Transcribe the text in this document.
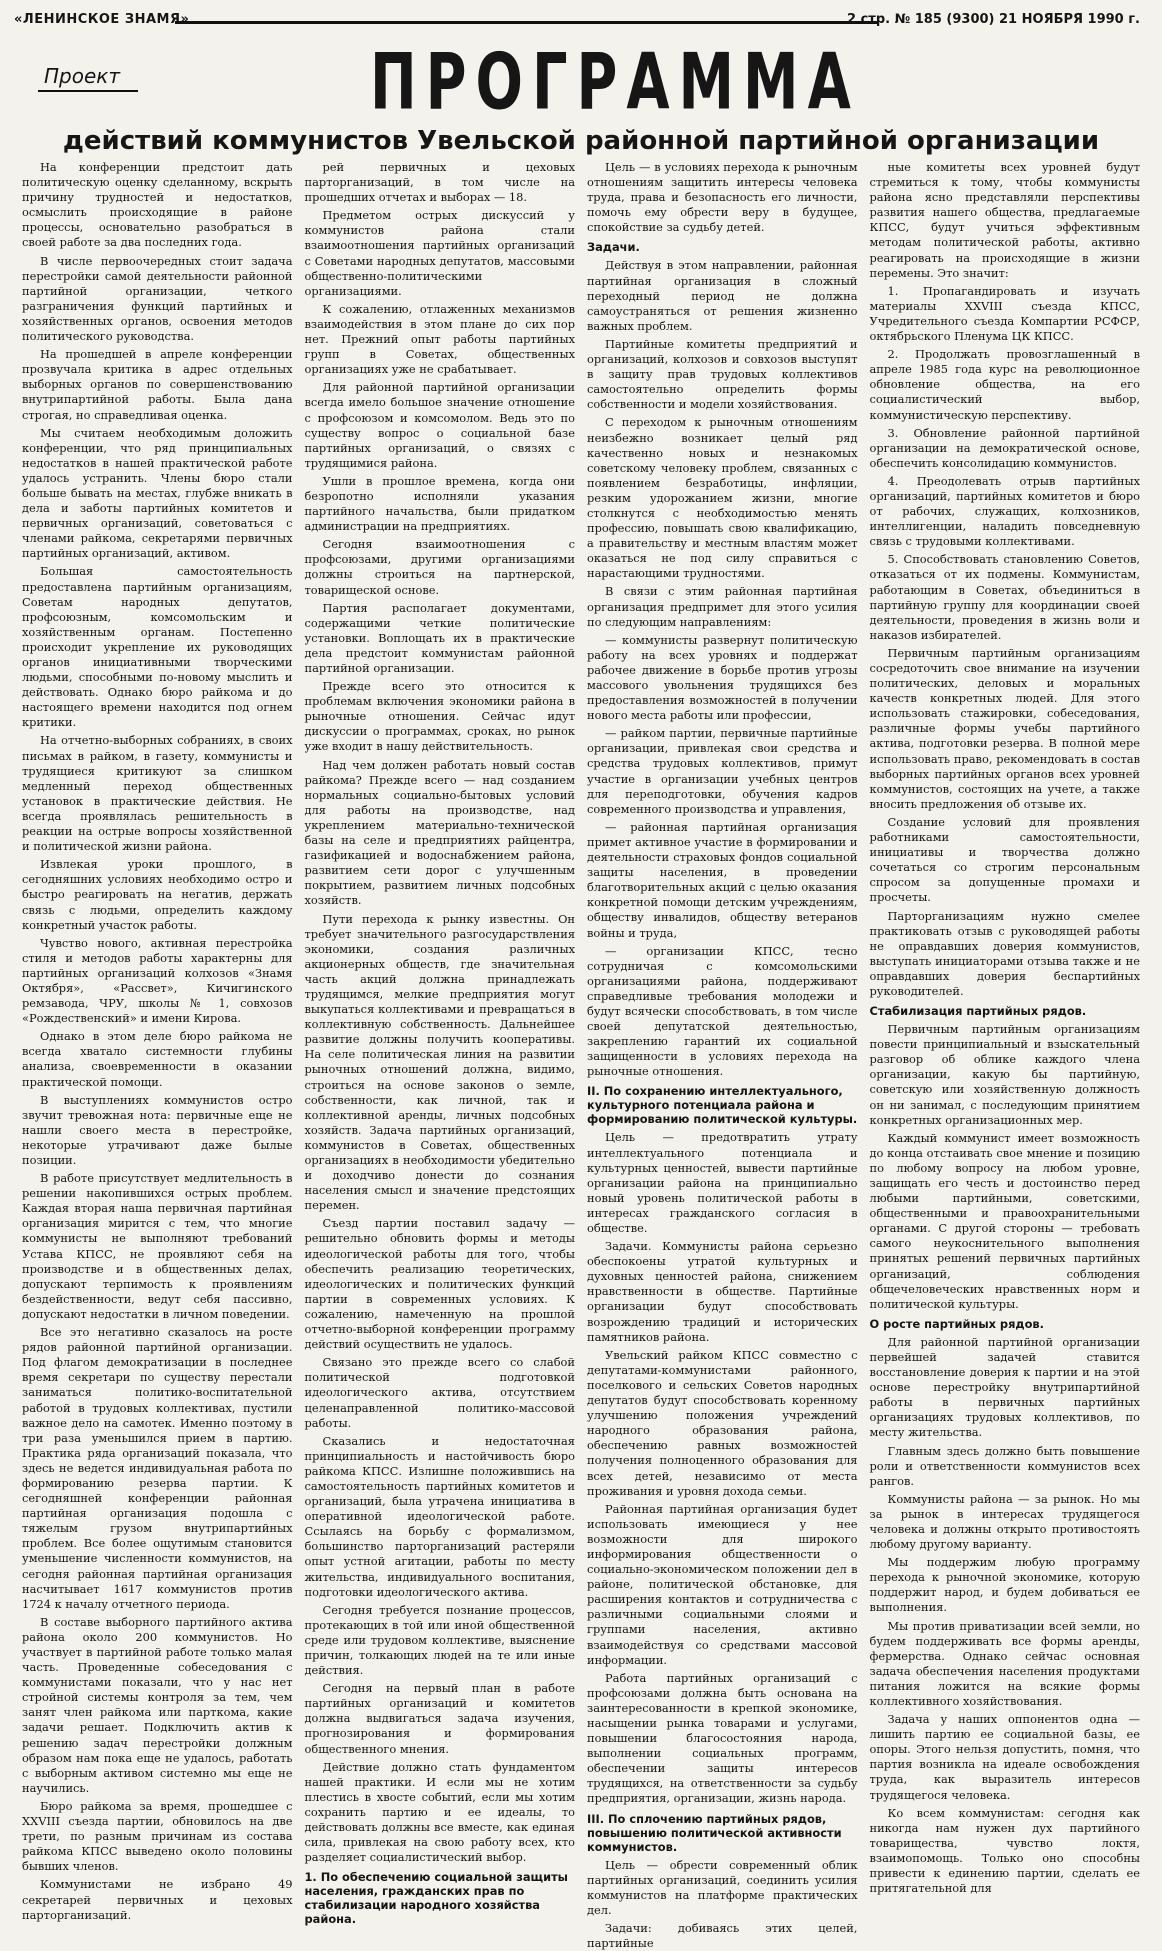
«ЛЕНИНСКОЕ ЗНАМЯ»	2 стр. № 185 (9300) 21 НОЯБРЯ 1990 г.
Проект	ПРОГРАММА
действий коммунистов Увельской районной партийной организации

На конференции предстоит дать политическую оценку сделанному, вскрыть причину трудностей и недостатков, осмыслить происходящие в районе процессы, основательно разобраться в своей работе за два последних года.

В числе первоочередных стоит задача перестройки самой деятельности районной партийной организации, четкого разграничения функций партийных и хозяйственных органов, освоения методов политического руководства.

На прошедшей в апреле конференции прозвучала критика в адрес отдельных выборных органов по совершенствованию внутрипартийной работы. Была дана строгая, но справедливая оценка.

Мы считаем необходимым доложить конференции, что ряд принципиальных недостатков в нашей практической работе удалось устранить. Члены бюро стали больше бывать на местах, глубже вникать в дела и заботы партийных комитетов и первичных организаций, советоваться с членами райкома, секретарями первичных партийных организаций, активом.

Большая самостоятельность предоставлена партийным организациям, Советам народных депутатов, профсоюзным, комсомольским и хозяйственным органам. Постепенно происходит укрепление их руководящих органов инициативными творческими людьми, способными по-новому мыслить и действовать. Однако бюро райкома и до настоящего времени находится под огнем критики.

На отчетно-выборных собраниях, в своих письмах в райком, в газету, коммунисты и трудящиеся критикуют за слишком медленный переход общественных установок в практические действия. Не всегда проявлялась решительность в реакции на острые вопросы хозяйственной и политической жизни района.

Извлекая уроки прошлого, в сегодняшних условиях необходимо остро и быстро реагировать на негатив, держать связь с людьми, определить каждому конкретный участок работы.

Чувство нового, активная перестройка стиля и методов работы характерны для партийных организаций колхозов «Знамя Октября», «Рассвет», Кичигинского ремзавода, ЧРУ, школы № 1, совхозов «Рождественский» и имени Кирова.

Однако в этом деле бюро райкома не всегда хватало системности глубины анализа, своевременности в оказании практической помощи.

В выступлениях коммунистов остро звучит тревожная нота: первичные еще не нашли своего места в перестройке, некоторые утрачивают даже былые позиции.

В работе присутствует медлительность в решении накопившихся острых проблем. Каждая вторая наша первичная партийная организация мирится с тем, что многие коммунисты не выполняют требований Устава КПСС, не проявляют себя на производстве и в общественных делах, допускают терпимость к проявлениям бездейственности, ведут себя пассивно, допускают недостатки в личном поведении.

Все это негативно сказалось на росте рядов районной партийной организации. Под флагом демократизации в последнее время секретари по существу перестали заниматься политико-воспитательной работой в трудовых коллективах, пустили важное дело на самотек. Именно поэтому в три раза уменьшился прием в партию. Практика ряда организаций показала, что здесь не ведется индивидуальная работа по формированию резерва партии. К сегодняшней конференции районная партийная организация подошла с тяжелым грузом внутрипартийных проблем. Все более ощутимым становится уменьшение численности коммунистов, на сегодня районная партийная организация насчитывает 1617 коммунистов против 1724 к началу отчетного периода.

В составе выборного партийного актива района около 200 коммунистов. Но участвует в партийной работе только малая часть. Проведенные собеседования с коммунистами показали, что у нас нет стройной системы контроля за тем, чем занят член райкома или парткома, какие задачи решает. Подключить актив к решению задач перестройки должным образом нам пока еще не удалось, работать с выборным активом системно мы еще не научились.

Бюро райкома за время, прошедшее с XXVIII съезда партии, обновилось на две трети, по разным причинам из состава райкома КПСС выведено около половины бывших членов.

Коммунистами не избрано 49 секретарей первичных и цеховых парторганизаций.

рей первичных и цеховых парторганизаций, в том числе на прошедших отчетах и выборах — 18.

Предметом острых дискуссий у коммунистов района стали взаимоотношения партийных организаций с Советами народных депутатов, массовыми общественно-политическими организациями.

К сожалению, отлаженных механизмов взаимодействия в этом плане до сих пор нет. Прежний опыт работы партийных групп в Советах, общественных организациях уже не срабатывает.

Для районной партийной организации всегда имело большое значение отношение с профсоюзом и комсомолом. Ведь это по существу вопрос о социальной базе партийных организаций, о связях с трудящимися района.

Ушли в прошлое времена, когда они безропотно исполняли указания партийного начальства, были придатком администрации на предприятиях.

Сегодня взаимоотношения с профсоюзами, другими организациями должны строиться на партнерской, товарищеской основе.

Партия располагает документами, содержащими четкие политические установки. Воплощать их в практические дела предстоит коммунистам районной партийной организации.

Прежде всего это относится к проблемам включения экономики района в рыночные отношения. Сейчас идут дискуссии о программах, сроках, но рынок уже входит в нашу действительность.

Над чем должен работать новый состав райкома? Прежде всего — над созданием нормальных социально-бытовых условий для работы на производстве, над укреплением материально-технической базы на селе и предприятиях райцентра, газификацией и водоснабжением района, развитием сети дорог с улучшенным покрытием, развитием личных подсобных хозяйств.

Пути перехода к рынку известны. Он требует значительного разгосударствления экономики, создания различных акционерных обществ, где значительная часть акций должна принадлежать трудящимся, мелкие предприятия могут выкупаться коллективами и превращаться в коллективную собственность. Дальнейшее развитие должны получить кооперативы. На селе политическая линия на развитии рыночных отношений должна, видимо, строиться на основе законов о земле, собственности, как личной, так и коллективной аренды, личных подсобных хозяйств. Задача партийных организаций, коммунистов в Советах, общественных организациях в необходимости убедительно и доходчиво донести до сознания населения смысл и значение предстоящих перемен.

Съезд партии поставил задачу — решительно обновить формы и методы идеологической работы для того, чтобы обеспечить реализацию теоретических, идеологических и политических функций партии в современных условиях. К сожалению, намеченную на прошлой отчетно-выборной конференции программу действий осуществить не удалось.

Связано это прежде всего со слабой политической подготовкой идеологического актива, отсутствием целенаправленной политико-массовой работы.

Сказались и недостаточная принципиальность и настойчивость бюро райкома КПСС. Излишне положившись на самостоятельность партийных комитетов и организаций, была утрачена инициатива в оперативной идеологической работе. Ссылаясь на борьбу с формализмом, большинство парторганизаций растеряли опыт устной агитации, работы по месту жительства, индивидуального воспитания, подготовки идеологического актива.

Сегодня требуется познание процессов, протекающих в той или иной общественной среде или трудовом коллективе, выяснение причин, толкающих людей на те или иные действия.

Сегодня на первый план в работе партийных организаций и комитетов должна выдвигаться задача изучения, прогнозирования и формирования общественного мнения.

Действие должно стать фундаментом нашей практики. И если мы не хотим плестись в хвосте событий, если мы хотим сохранить партию и ее идеалы, то действовать должны все вместе, как единая сила, привлекая на свою работу всех, кто разделяет социалистический выбор.

1. По обеспечению социальной защиты населения, гражданских прав по стабилизации народного хозяйства района.

Цель — в условиях перехода к рыночным отношениям защитить интересы человека труда, права и безопасность его личности, помочь ему обрести веру в будущее, спокойствие за судьбу детей.

Задачи.

Действуя в этом направлении, районная партийная организация в сложный переходный период не должна самоустраняться от решения жизненно важных проблем.

Партийные комитеты предприятий и организаций, колхозов и совхозов выступят в защиту прав трудовых коллективов самостоятельно определить формы собственности и модели хозяйствования.

С переходом к рыночным отношениям неизбежно возникает целый ряд качественно новых и незнакомых советскому человеку проблем, связанных с появлением безработицы, инфляции, резким удорожанием жизни, многие столкнутся с необходимостью менять профессию, повышать свою квалификацию, а правительству и местным властям может оказаться не под силу справиться с нарастающими трудностями.

В связи с этим районная партийная организация предпримет для этого усилия по следующим направлениям:

— коммунисты развернут политическую работу на всех уровнях и поддержат рабочее движение в борьбе против угрозы массового увольнения трудящихся без предоставления возможностей в получении нового места работы или профессии,

— райком партии, первичные партийные организации, привлекая свои средства и средства трудовых коллективов, примут участие в организации учебных центров для переподготовки, обучения кадров современного производства и управления,

— районная партийная организация примет активное участие в формировании и деятельности страховых фондов социальной защиты населения, в проведении благотворительных акций с целью оказания конкретной помощи детским учреждениям, обществу инвалидов, обществу ветеранов войны и труда,

— организации КПСС, тесно сотрудничая с комсомольскими организациями района, поддерживают справедливые требования молодежи и будут всячески способствовать, в том числе своей депутатской деятельностью, закреплению гарантий их социальной защищенности в условиях перехода на рыночные отношения.

II. По сохранению интеллектуального, культурного потенциала района и формированию политической культуры.

Цель — предотвратить утрату интеллектуального потенциала и культурных ценностей, вывести партийные организации района на принципиально новый уровень политической работы в интересах гражданского согласия в обществе.

Задачи. Коммунисты района серьезно обеспокоены утратой культурных и духовных ценностей района, снижением нравственности в обществе. Партийные организации будут способствовать возрождению традиций и исторических памятников района.

Увельский райком КПСС совместно с депутатами-коммунистами районного, поселкового и сельских Советов народных депутатов будут способствовать коренному улучшению положения учреждений народного образования района, обеспечению равных возможностей получения полноценного образования для всех детей, независимо от места проживания и уровня дохода семьи.

Районная партийная организация будет использовать имеющиеся у нее возможности для широкого информирования общественности о социально-экономическом положении дел в районе, политической обстановке, для расширения контактов и сотрудничества с различными социальными слоями и группами населения, активно взаимодействуя со средствами массовой информации.

Работа партийных организаций с профсоюзами должна быть основана на заинтересованности в крепкой экономике, насыщении рынка товарами и услугами, повышении благосостояния народа, выполнении социальных программ, обеспечении защиты интересов трудящихся, на ответственности за судьбу предприятия, организации, жизнь народа.

III. По сплочению партийных рядов, повышению политической активности коммунистов.

Цель — обрести современный облик партийных организаций, соединить усилия коммунистов на платформе практических дел.

Задачи: добиваясь этих целей, партийные

ные комитеты всех уровней будут стремиться к тому, чтобы коммунисты района ясно представляли перспективы развития нашего общества, предлагаемые КПСС, будут учиться эффективным методам политической работы, активно реагировать на происходящие в жизни перемены. Это значит:

1. Пропагандировать и изучать материалы XXVIII съезда КПСС, Учредительного съезда Компартии РСФСР, октябрьского Пленума ЦК КПСС.

2. Продолжать провозглашенный в апреле 1985 года курс на революционное обновление общества, на его социалистический выбор, коммунистическую перспективу.

3. Обновление районной партийной организации на демократической основе, обеспечить консолидацию коммунистов.

4. Преодолевать отрыв партийных организаций, партийных комитетов и бюро от рабочих, служащих, колхозников, интеллигенции, наладить повседневную связь с трудовыми коллективами.

5. Способствовать становлению Советов, отказаться от их подмены. Коммунистам, работающим в Советах, объединиться в партийную группу для координации своей деятельности, проведения в жизнь воли и наказов избирателей.

Первичным партийным организациям сосредоточить свое внимание на изучении политических, деловых и моральных качеств конкретных людей. Для этого использовать стажировки, собеседования, различные формы учебы партийного актива, подготовки резерва. В полной мере использовать право, рекомендовать в состав выборных партийных органов всех уровней коммунистов, состоящих на учете, а также вносить предложения об отзыве их.

Создание условий для проявления работниками самостоятельности, инициативы и творчества должно сочетаться со строгим персональным спросом за допущенные промахи и просчеты.

Парторганизациям нужно смелее практиковать отзыв с руководящей работы не оправдавших доверия коммунистов, выступать инициаторами отзыва также и не оправдавших доверия беспартийных руководителей.

Стабилизация партийных рядов.

Первичным партийным организациям повести принципиальный и взыскательный разговор об облике каждого члена организации, какую бы партийную, советскую или хозяйственную должность он ни занимал, с последующим принятием конкретных организационных мер.

Каждый коммунист имеет возможность до конца отстаивать свое мнение и позицию по любому вопросу на любом уровне, защищать его честь и достоинство перед любыми партийными, советскими, общественными и правоохранительными органами. С другой стороны — требовать самого неукоснительного выполнения принятых решений первичных партийных организаций, соблюдения общечеловеческих нравственных норм и политической культуры.

О росте партийных рядов.

Для районной партийной организации первейшей задачей ставится восстановление доверия к партии и на этой основе перестройку внутрипартийной работы в первичных партийных организациях трудовых коллективов, по месту жительства.

Главным здесь должно быть повышение роли и ответственности коммунистов всех рангов.

Коммунисты района — за рынок. Но мы за рынок в интересах трудящегося человека и должны открыто противостоять любому другому варианту.

Мы поддержим любую программу перехода к рыночной экономике, которую поддержит народ, и будем добиваться ее выполнения.

Мы против приватизации всей земли, но будем поддерживать все формы аренды, фермерства. Однако сейчас основная задача обеспечения населения продуктами питания ложится на всякие формы коллективного хозяйствования.

Задача у наших оппонентов одна — лишить партию ее социальной базы, ее опоры. Этого нельзя допустить, помня, что партия возникла на идеале освобождения труда, как выразитель интересов трудящегося человека.

Ко всем коммунистам: сегодня как никогда нам нужен дух партийного товарищества, чувство локтя, взаимопомощь. Только оно способны привести к единению партии, сделать ее притягательной для
